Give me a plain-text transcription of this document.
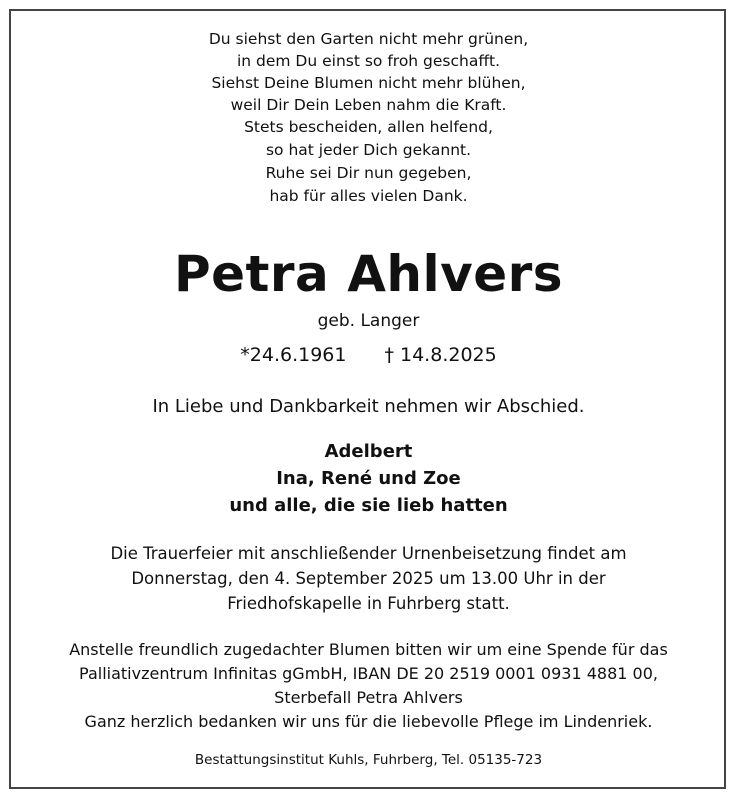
Du siehst den Garten nicht mehr grünen,
in dem Du einst so froh geschafft.
Siehst Deine Blumen nicht mehr blühen,
weil Dir Dein Leben nahm die Kraft.
Stets bescheiden, allen helfend,
so hat jeder Dich gekannt.
Ruhe sei Dir nun gegeben,
hab für alles vielen Dank.
Petra Ahlvers
geb. Langer
*24.6.1961 † 14.8.2025
In Liebe und Dankbarkeit nehmen wir Abschied.
Adelbert
Ina, René und Zoe
und alle, die sie lieb hatten
Die Trauerfeier mit anschließender Urnenbeisetzung findet am
Donnerstag, den 4. September 2025 um 13.00 Uhr in der
Friedhofskapelle in Fuhrberg statt.
Anstelle freundlich zugedachter Blumen bitten wir um eine Spende für das
Palliativzentrum Infinitas gGmbH, IBAN DE 20 2519 0001 0931 4881 00,
Sterbefall Petra Ahlvers
Ganz herzlich bedanken wir uns für die liebevolle Pflege im Lindenriek.
Bestattungsinstitut Kuhls, Fuhrberg, Tel. 05135-723
